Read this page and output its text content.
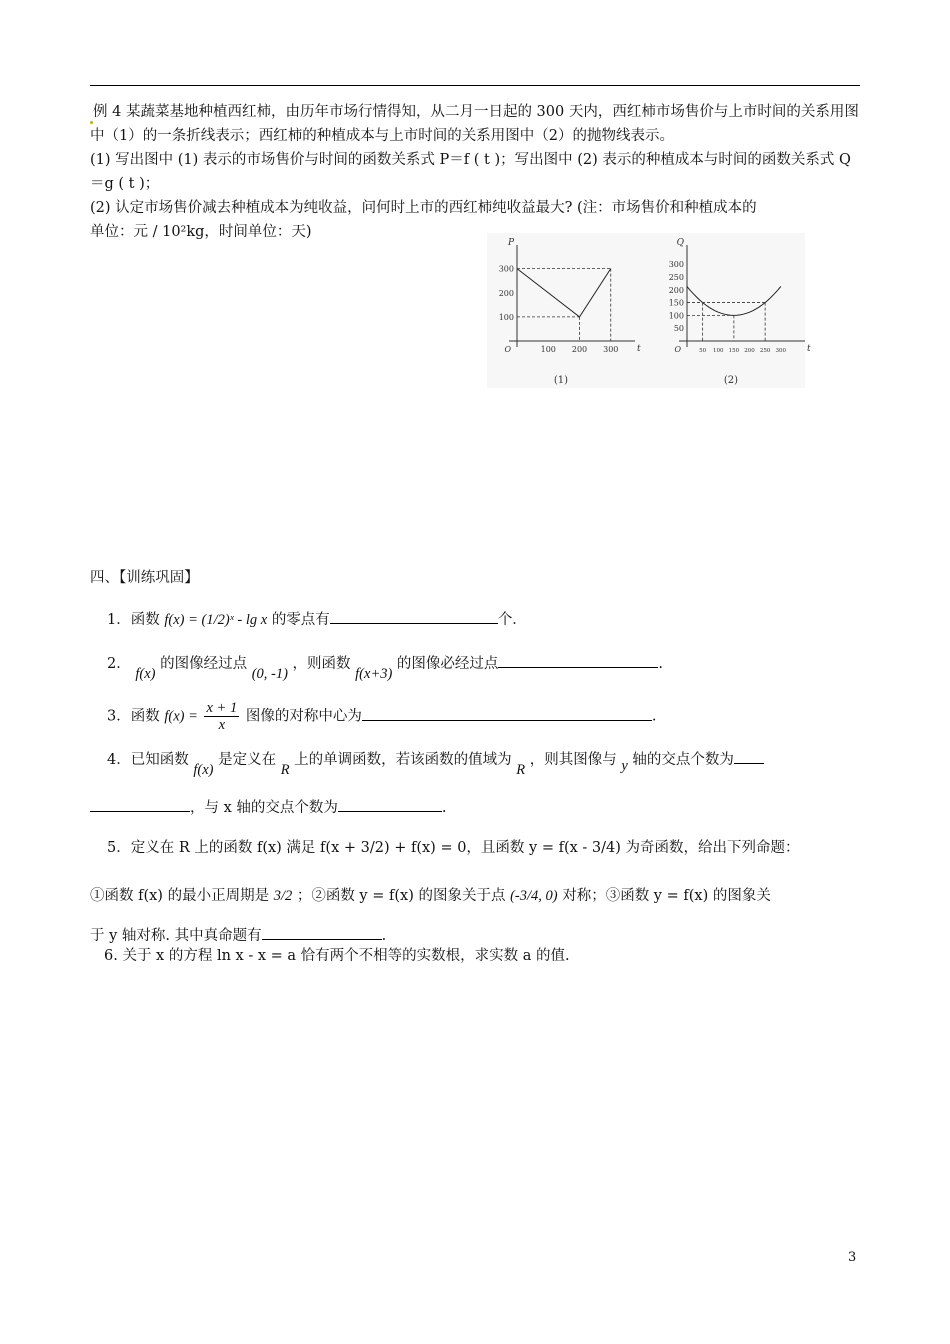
例 4 某蔬菜基地种植西红柿，由历年市场行情得知，从二月一日起的 300 天内，西红柿市场售价与上市时间的关系用图中（1）的一条折线表示；西红柿的种植成本与上市时间的关系用图中（2）的抛物线表示。
(1) 写出图中 (1) 表示的市场售价与时间的函数关系式 P＝f ( t )；写出图中 (2) 表示的种植成本与时间的函数关系式 Q＝g ( t )；
(2) 认定市场售价减去种植成本为纯收益，问何时上市的西红柿纯收益最大? (注：市场售价和种植成本的
单位：元 / 10²kg，时间单位：天)
P
t
O	100 200 300
100
200
300
(1)
Q
t
O	50 100 150 200 250 300
50
100
150
200
250
300
(2)
四、【训练巩固】
1．函数 f(x) = (1/2)ˣ - lg x 的零点有	个．
2． f(x) 的图像经过点 (0, -1) ，则函数 f(x+3) 的图像必经过点	.
3．函数 $f(x) = \frac{x + 1}{x}$ 图像的对称中心为	.
4．已知函数 f(x) 是定义在 R 上的单调函数，若该函数的值域为 R ，则其图像与 y 轴的交点个数为
，与 x 轴的交点个数为	.
5．定义在 R 上的函数 f(x) 满足 f(x + 3/2) + f(x) = 0，且函数 y = f(x - 3/4) 为奇函数，给出下列命题：
①函数 f(x) 的最小正周期是 3/2 ；②函数 y = f(x) 的图象关于点 (-3/4, 0) 对称；③函数 y = f(x) 的图象关
于 y 轴对称. 其中真命题有	.
6. 关于 x 的方程 ln x - x = a 恰有两个不相等的实数根，求实数 a 的值.
3
